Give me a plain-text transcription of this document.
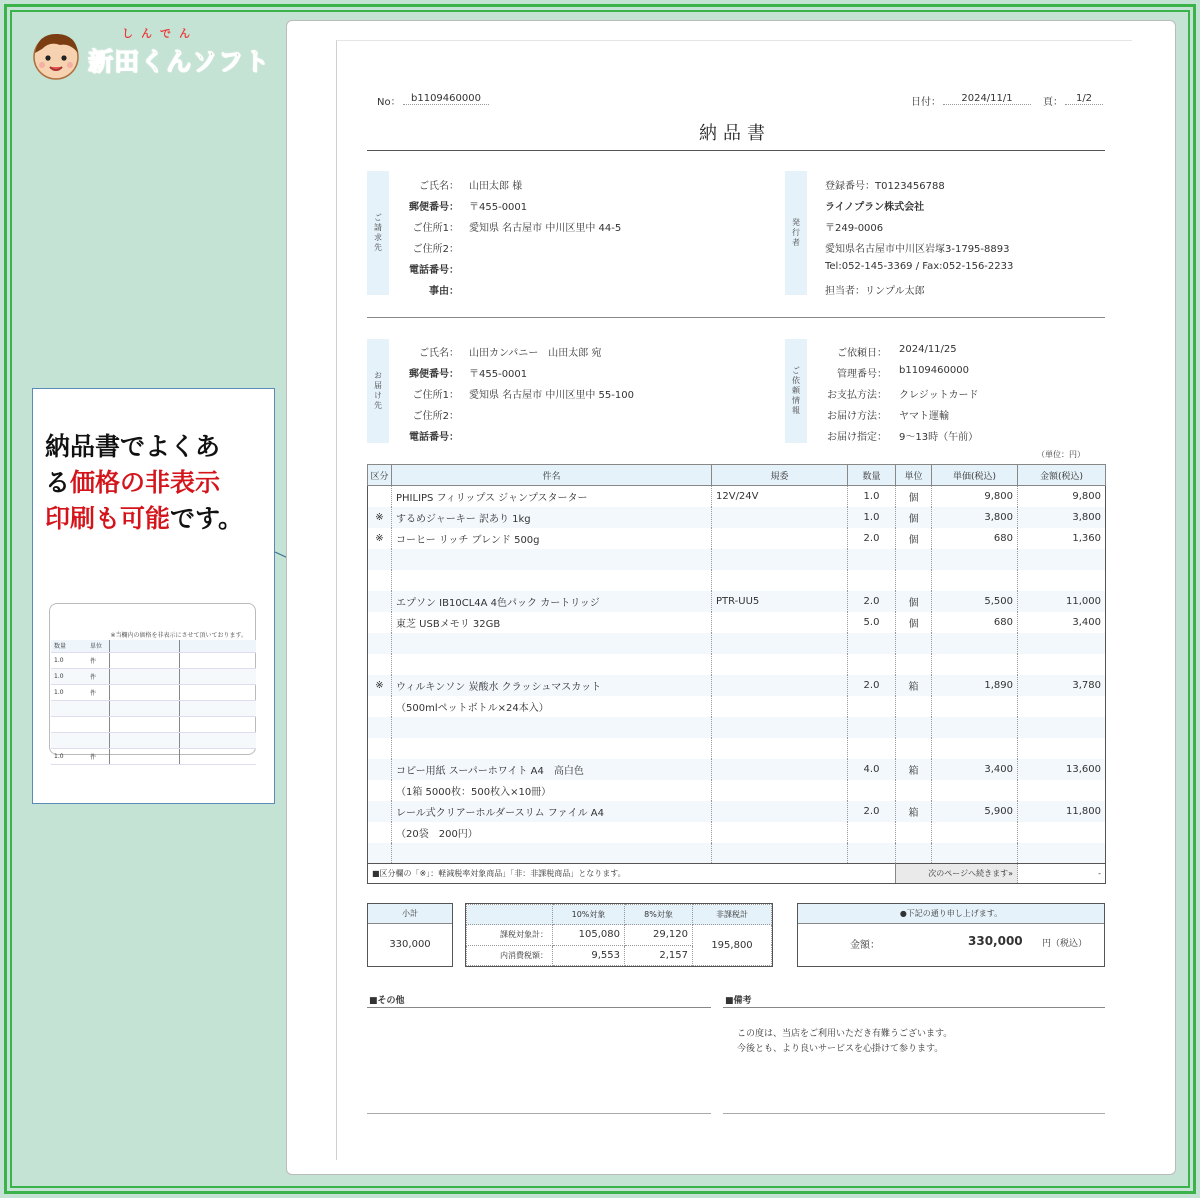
しんでん
新田くんソフト
納品書でよくあ
る価格の非表示
印刷も可能です。
※当欄内の価格を非表示にさせて頂いております。
数量	単位		
1.0	件		
1.0	件		
1.0	件		

1.0	件		
No：	b1109460000	日付：	2024/11/1	頁：	1/2
納品書
ご請求先
ご氏名： 山田太郎 様
郵便番号： 〒455-0001
ご住所1： 愛知県 名古屋市 中川区里中 44-5
ご住所2：
電話番号：
事由：
発行者
登録番号：T0123456788
ライノプラン株式会社
〒249-0006
愛知県名古屋市中川区岩塚3-1795-8893
Tel:052-145-3369 / Fax:052-156-2233
担当者：リンプル太郎
お届け先
ご氏名： 山田カンパニー　山田太郎 宛
郵便番号： 〒455-0001
ご住所1： 愛知県 名古屋市 中川区里中 55-100
ご住所2：
電話番号：
ご依頼情報
ご依頼日： 2024/11/25
管理番号： b1109460000
お支払方法： クレジットカード
お届け方法： ヤマト運輸
お届け指定： 9～13時（午前）
（単位：円）
区分	件名	規委	数量	単位	単価(税込)	金額(税込)
	PHILIPS フィリップス ジャンプスターター	12V/24V	1.0	個	9,800	9,800
※	するめジャーキー 訳あり 1kg		1.0	個	3,800	3,800
※	コーヒー リッチ ブレンド 500g		2.0	個	680	1,360

	エプソン IB10CL4A 4色パック カートリッジ	PTR-UU5	2.0	個	5,500	11,000
	東芝 USBメモリ 32GB		5.0	個	680	3,400

※	ウィルキンソン 炭酸水 クラッシュマスカット		2.0	箱	1,890	3,780
	（500mlペットボトル×24本入）					

	コピー用紙 スーパーホワイト A4　高白色		4.0	箱	3,400	13,600
	（1箱 5000枚：500枚入×10冊）					
	レール式クリアーホルダースリム ファイル A4		2.0	箱	5,900	11,800
	（20袋　200円）					

■区分欄の「※」：軽減税率対象商品」「非：非課税商品」となります。				次のページへ続きます»		-
小計
330,000
	10%対象	8%対象	非課税計
課税対象計：	105,080	29,120	195,800
内消費税額：	9,553	2,157	
●下記の通り申し上げます。
金額：	330,000 円（税込）
■その他	■備考
この度は、当店をご利用いただき有難うございます。
今後とも、より良いサービスを心掛けて参ります。
